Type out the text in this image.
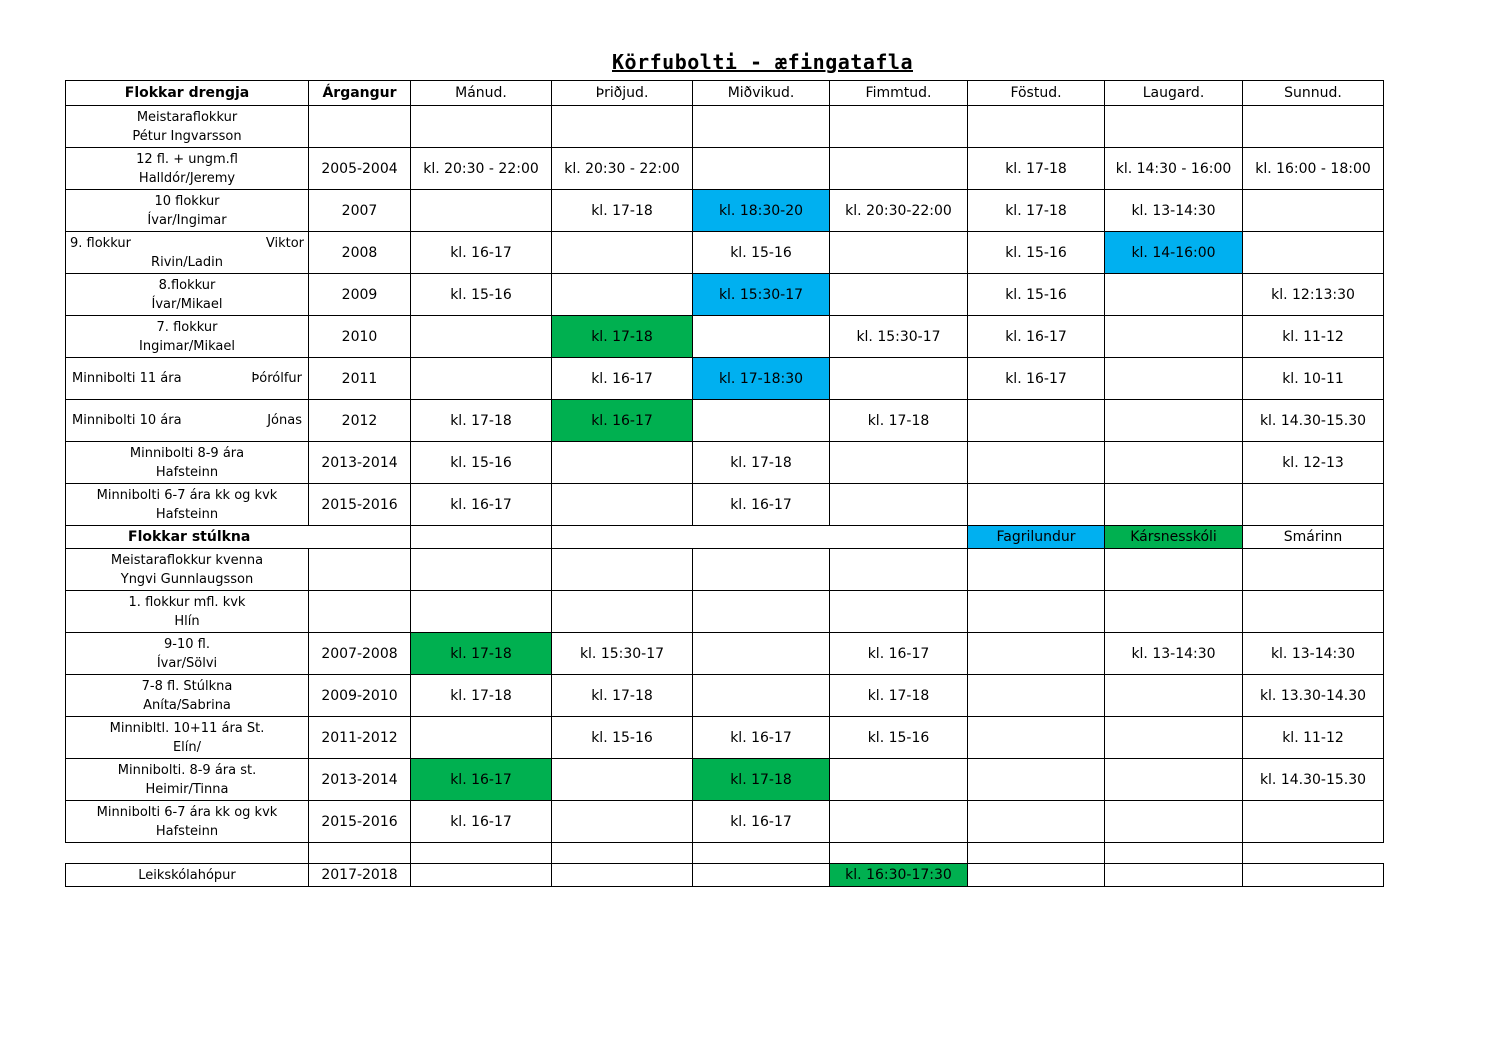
Körfubolti - æfingatafla
Flokkar drengja	Árgangur	Mánud.	Þriðjud.	Miðvikud.	Fimmtud.	Föstud.	Laugard.	Sunnud.

Meistaraflokkur
Pétur Ingvarsson								

12 fl. + ungm.fl
Halldór/Jeremy	2005-2004	kl. 20:30 - 22:00	kl. 20:30 - 22:00			kl. 17-18	kl. 14:30 - 16:00	kl. 16:00 - 18:00

10 flokkur
Ívar/Ingimar	2007		kl. 17-18	kl. 18:30-20	kl. 20:30-22:00	kl. 17-18	kl. 13-14:30	

9. flokkur Viktor
Rivin/Ladin	2008	kl. 16-17		kl. 15-16		kl. 15-16	kl. 14-16:00	

8.flokkur
Ívar/Mikael	2009	kl. 15-16		kl. 15:30-17		kl. 15-16		kl. 12:13:30

7. flokkur
Ingimar/Mikael	2010		kl. 17-18		kl. 15:30-17	kl. 16-17		kl. 11-12

Minnibolti 11 ára Þórólfur	2011		kl. 16-17	kl. 17-18:30		kl. 16-17		kl. 10-11

Minnibolti 10 ára Jónas	2012	kl. 17-18	kl. 16-17		kl. 17-18			kl. 14.30-15.30

Minnibolti 8-9 ára
Hafsteinn	2013-2014	kl. 15-16		kl. 17-18				kl. 12-13

Minnibolti 6-7 ára kk og kvk
Hafsteinn	2015-2016	kl. 16-17		kl. 16-17				
Flokkar stúlkna						Fagrilundur	Kársnesskóli	Smárinn

Meistaraflokkur kvenna
Yngvi Gunnlaugsson								

1. flokkur mfl. kvk
Hlín								

9-10 fl.
Ívar/Sölvi	2007-2008	kl. 17-18	kl. 15:30-17		kl. 16-17		kl. 13-14:30	kl. 13-14:30

7-8 fl. Stúlkna
Aníta/Sabrina	2009-2010	kl. 17-18	kl. 17-18		kl. 17-18			kl. 13.30-14.30

Minnibltl. 10+11 ára St.
Elín/	2011-2012		kl. 15-16	kl. 16-17	kl. 15-16			kl. 11-12

Minnibolti. 8-9 ára st.
Heimir/Tinna	2013-2014	kl. 16-17		kl. 17-18				kl. 14.30-15.30

Minnibolti 6-7 ára kk og kvk
Hafsteinn	2015-2016	kl. 16-17		kl. 16-17				

Leikskólahópur	2017-2018				kl. 16:30-17:30			
